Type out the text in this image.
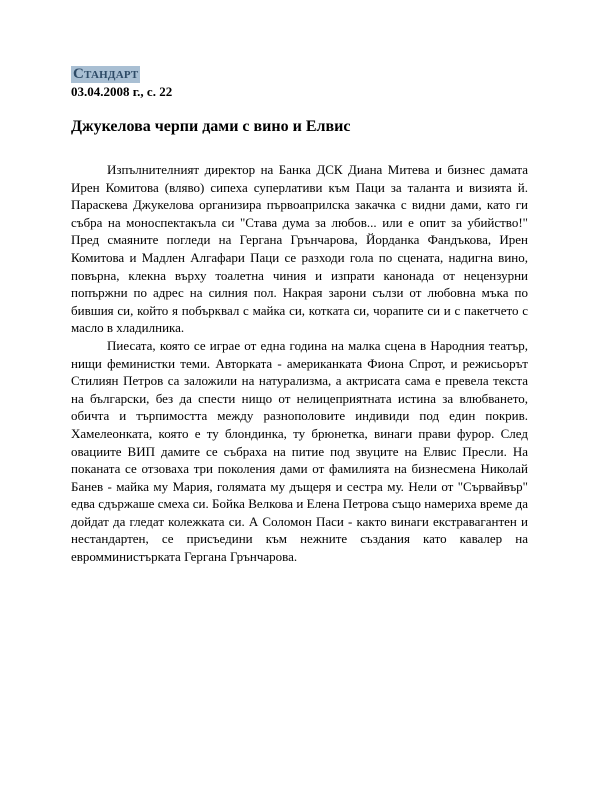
Стандарт
03.04.2008 г., с. 22
Джукелова черпи дами с вино и Елвис

Изпълнителният директор на Банка ДСК Диана Митева и бизнес дамата Ирен Комитова (вляво) сипеха суперлативи към Паци за таланта и визията й. Парaскева Джукелова организира първоаприлска закачка с видни дами, като ги събра на моноспектакъла си "Става дума за любов... или е опит за убийство!" Пред смаяните погледи на Гергана Грънчарова, Йорданка Фандъкова, Ирен Комитова и Мадлен Алгафари Паци се разходи гола по сцената, надигна вино, повърна, клекна върху тоалетна чиния и изпрати канонада от нецензурни попържни по адрес на силния пол. Накрая зарони сълзи от любовна мъка по бившия си, който я побърквал с майка си, котката си, чорапите си и с пакетчето с масло в хладилника.

Пиесата, която се играе от една година на малка сцена в Народния театър, нищи феминистки теми. Авторката - американката Фиона Спрот, и режисьорът Стилиян Петров са заложили на натурализма, а актрисата сама е превела текста на български, без да спести нищо от нелицеприятната истина за влюбването, обичта и търпимостта между разнополовите индивиди под един покрив. Хамелеонката, която е ту блондинка, ту брюнетка, винаги прави фурор. След овациите ВИП дамите се събраха на питие под звуците на Елвис Пресли. На поканата се отзоваха три поколения дами от фамилията на бизнесмена Николай Банев - майка му Мария, голямата му дъщеря и сестра му. Нели от "Сървайвър" едва сдържаше смеха си. Бойка Велкова и Елена Петрова също намериха време да дойдат да гледат колежката си. А Соломон Паси - както винаги екстравагантен и нестандартен, се присъедини към нежните създания като кавалер на евромминистърката Гергана Грънчарова.
